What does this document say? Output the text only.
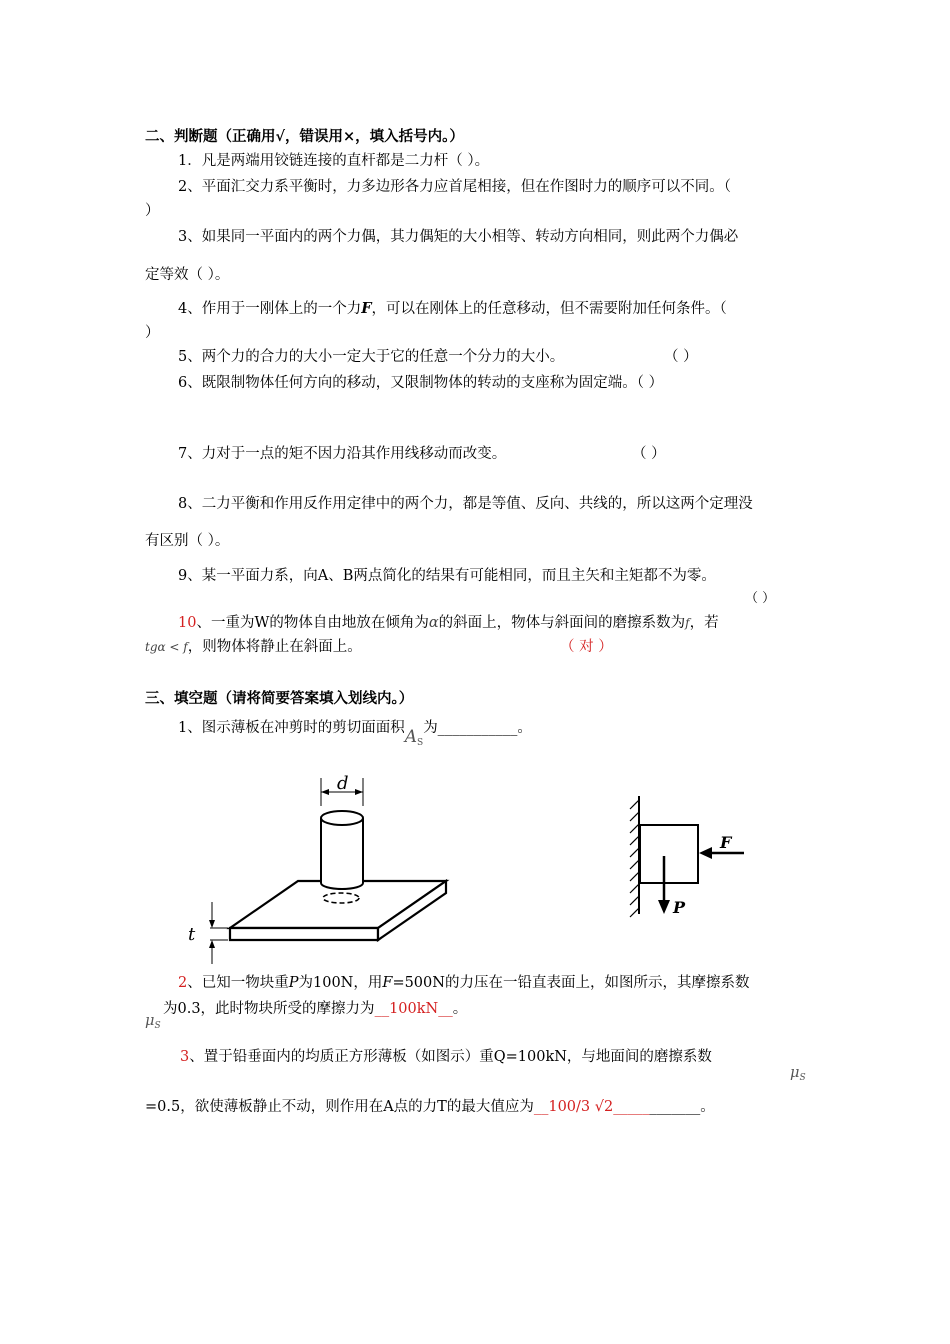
二、判断题（正确用√，错误用×，填入括号内。）
1．凡是两端用铰链连接的直杆都是二力杆（ ）。
2、平面汇交力系平衡时，力多边形各力应首尾相接，但在作图时力的顺序可以不同。（
）
3、如果同一平面内的两个力偶，其力偶矩的大小相等、转动方向相同，则此两个力偶必
定等效（ ）。
4、作用于一刚体上的一个力F，可以在刚体上的任意移动，但不需要附加任何条件。（
）
5、两个力的合力的大小一定大于它的任意一个分力的大小。	（ ）
6、既限制物体任何方向的移动，又限制物体的转动的支座称为固定端。（ ）
7、力对于一点的矩不因力沿其作用线移动而改变。	（ ）
8、二力平衡和作用反作用定律中的两个力，都是等值、反向、共线的，所以这两个定理没
有区别（ ）。
9、某一平面力系，向A、B两点简化的结果有可能相同，而且主矢和主矩都不为零。
（ ）
10、一重为W的物体自由地放在倾角为α的斜面上，物体与斜面间的磨擦系数为f，若
tgα < f，则物体将静止在斜面上。	（ 对 ）
三、填空题（请将简要答案填入划线内。）
1、图示薄板在冲剪时的剪切面面积$A_S$为___________。
d
t
F
P
2、已知一物块重P为100N，用F=500N的力压在一铅直表面上，如图所示，其摩擦系数
$\mu_S$
为0.3，此时物块所受的摩擦力为__100kN__。
3、置于铅垂面内的均质正方形薄板（如图示）重Q=100kN，与地面间的磨擦系数
$\mu_S$
=0.5，欲使薄板静止不动，则作用在A点的力T的最大值应为__100/3 √2____________。
